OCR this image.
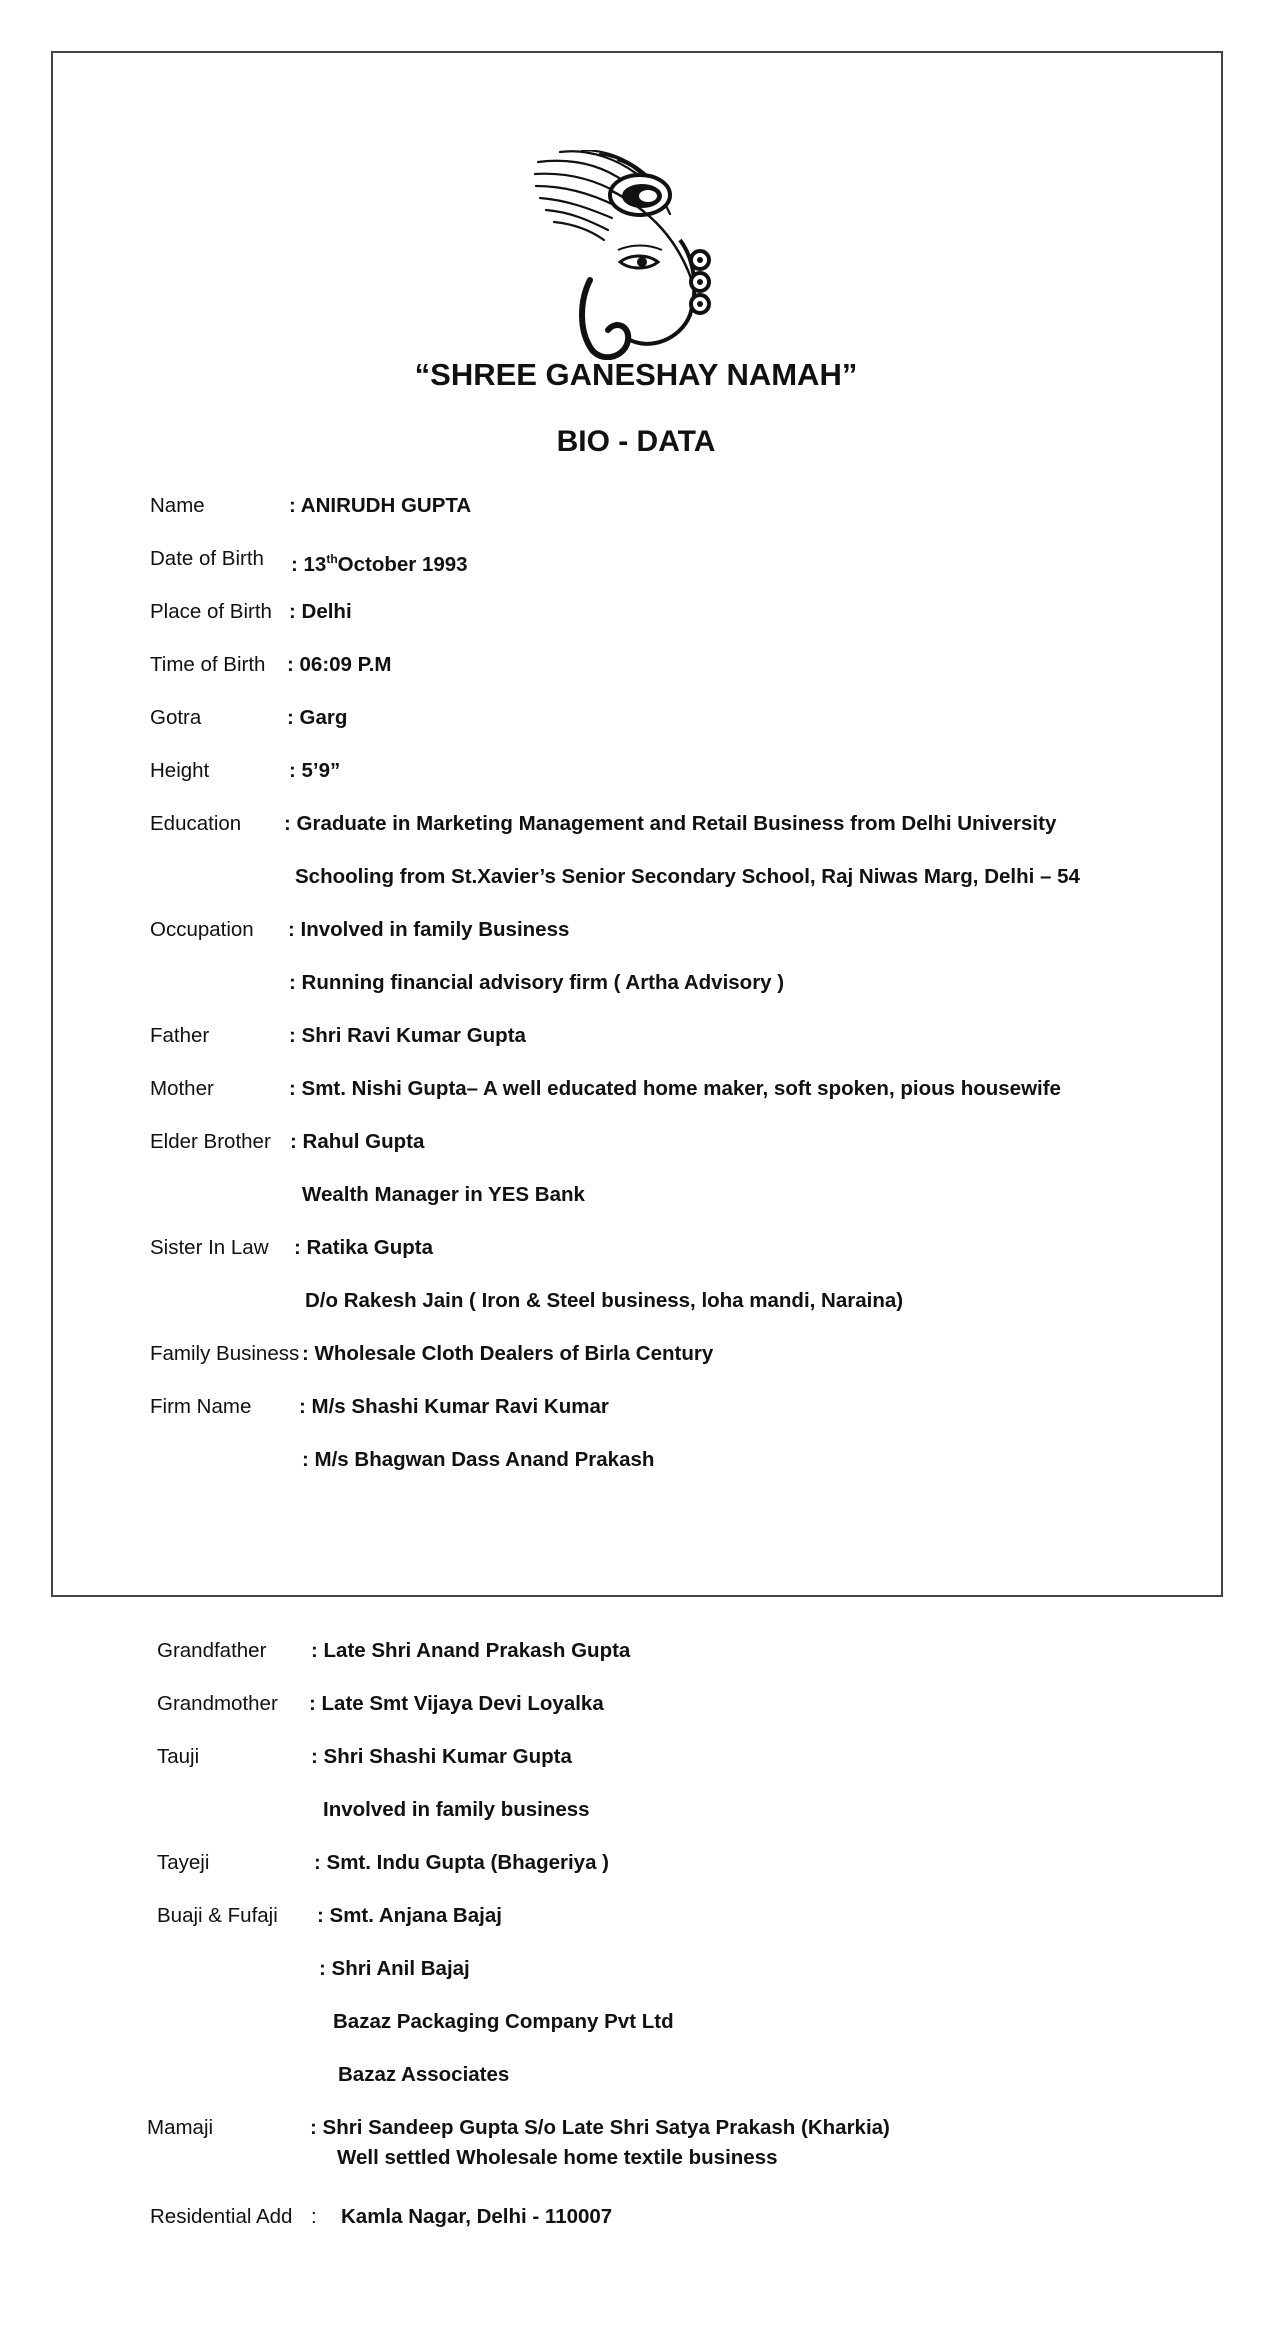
“SHREE GANESHAY NAMAH”
BIO - DATA
Name	: ANIRUDH GUPTA
Date of Birth : 13thOctober 1993
Place of Birth : Delhi
Time of Birth : 06:09 P.M
Gotra	: Garg
Height	: 5’9”
Education : Graduate in Marketing Management and Retail Business from Delhi University
Schooling from St.Xavier’s Senior Secondary School, Raj Niwas Marg, Delhi – 54
Occupation : Involved in family Business
: Running financial advisory firm ( Artha Advisory )
Father	: Shri Ravi Kumar Gupta
Mother	: Smt. Nishi Gupta– A well educated home maker, soft spoken, pious housewife
Elder Brother : Rahul Gupta
Wealth Manager in YES Bank
Sister In Law : Ratika Gupta
D/o Rakesh Jain ( Iron & Steel business, loha mandi, Naraina)
Family Business : Wholesale Cloth Dealers of Birla Century
Firm Name : M/s Shashi Kumar Ravi Kumar
: M/s Bhagwan Dass Anand Prakash
Grandfather : Late Shri Anand Prakash Gupta
Grandmother : Late Smt Vijaya Devi Loyalka
Tauji	: Shri Shashi Kumar Gupta
Involved in family business
Tayeji	: Smt. Indu Gupta (Bhageriya )
Buaji & Fufaji : Smt. Anjana Bajaj
: Shri Anil Bajaj
Bazaz Packaging Company Pvt Ltd
Bazaz Associates
Mamaji	: Shri Sandeep Gupta S/o Late Shri Satya Prakash (Kharkia)
Well settled Wholesale home textile business
Residential Add : Kamla Nagar, Delhi - 110007
